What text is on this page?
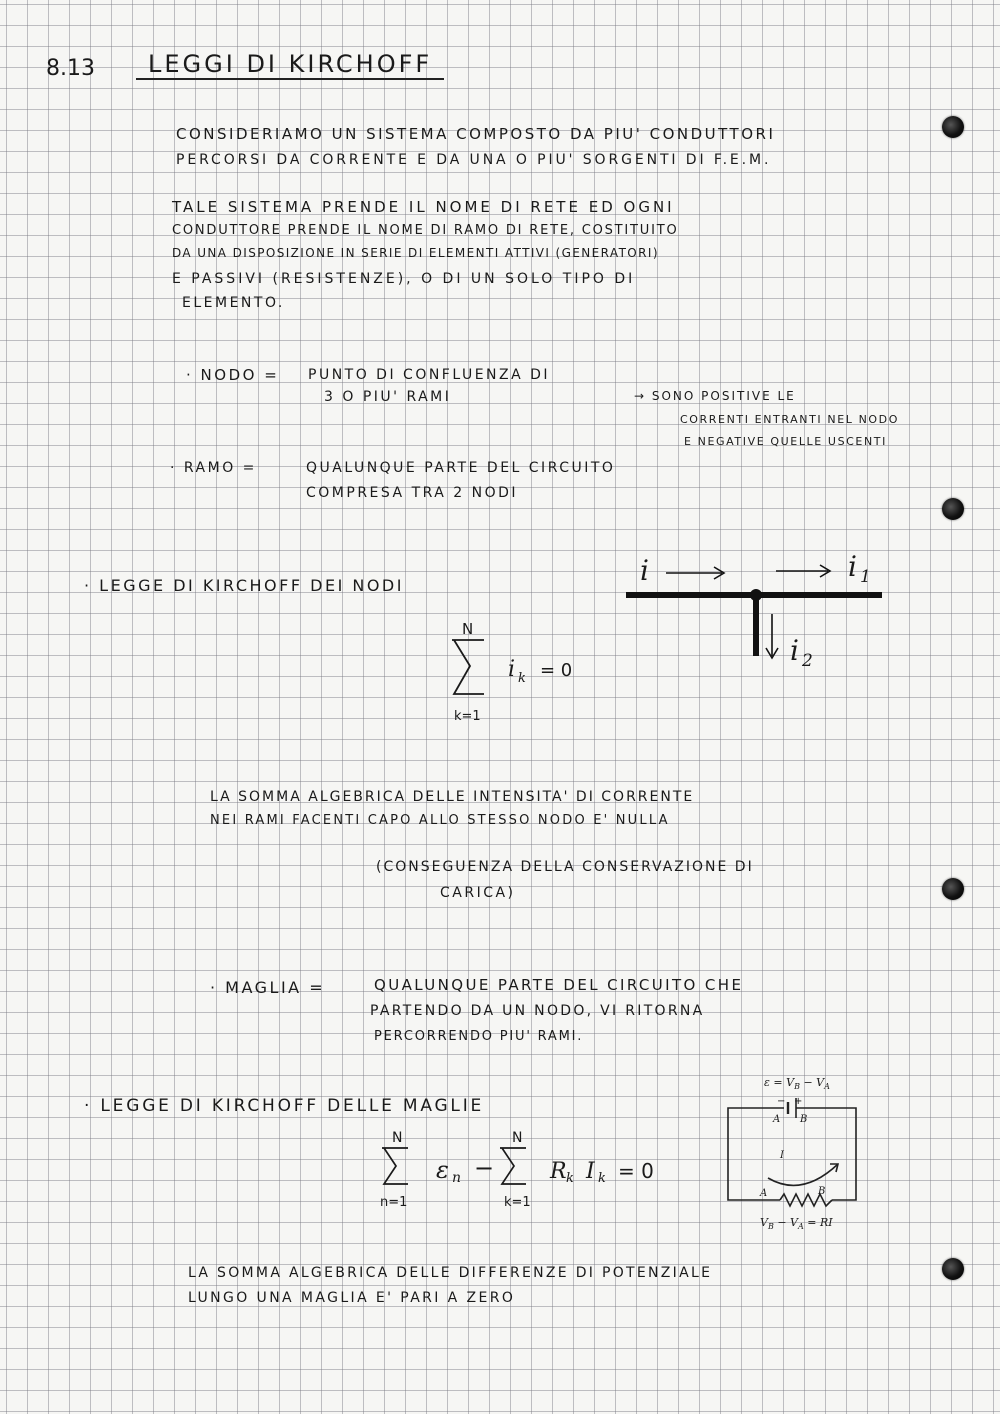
8.13 LEGGI DI KIRCHOFF
CONSIDERIAMO UN SISTEMA COMPOSTO DA PIU' CONDUTTORI
PERCORSI DA CORRENTE E DA UNA O PIU' SORGENTI DI F.E.M.
TALE SISTEMA PRENDE IL NOME DI RETE ED OGNI
CONDUTTORE PRENDE IL NOME DI RAMO DI RETE, COSTITUITO
DA UNA DISPOSIZIONE IN SERIE DI ELEMENTI ATTIVI (GENERATORI)
E PASSIVI (RESISTENZE), O DI UN SOLO TIPO DI
ELEMENTO.
· NODO = PUNTO DI CONFLUENZA DI
3 O PIU' RAMI	→ SONO POSITIVE LE
CORRENTI ENTRANTI NEL NODO
E NEGATIVE QUELLE USCENTI
· RAMO =	QUALUNQUE PARTE DEL CIRCUITO
COMPRESA TRA 2 NODI
· LEGGE DI KIRCHOFF DEI NODI
N
i k = 0
k=1
i	i 1
i 2
LA SOMMA ALGEBRICA DELLE INTENSITA' DI CORRENTE
NEI RAMI FACENTI CAPO ALLO STESSO NODO E' NULLA
(CONSEGUENZA DELLA CONSERVAZIONE DI
CARICA)
· MAGLIA =	QUALUNQUE PARTE DEL CIRCUITO CHE
PARTENDO DA UN NODO, VI RITORNA
PERCORRENDO PIU' RAMI.
· LEGGE DI KIRCHOFF DELLE MAGLIE
N
ε n −
N
R k I k = 0
n=1	k=1
$\varepsilon = V_B - V_A$
− +
A B
I
A	B
$V_B - V_A$ = RI
LA SOMMA ALGEBRICA DELLE DIFFERENZE DI POTENZIALE
LUNGO UNA MAGLIA E' PARI A ZERO
